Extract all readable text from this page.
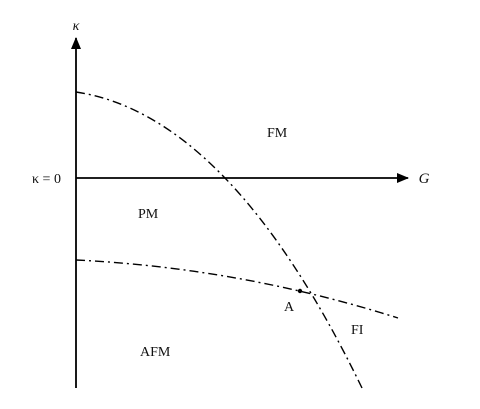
κ
G
κ = 0
FM
PM
AFM
FI
A
